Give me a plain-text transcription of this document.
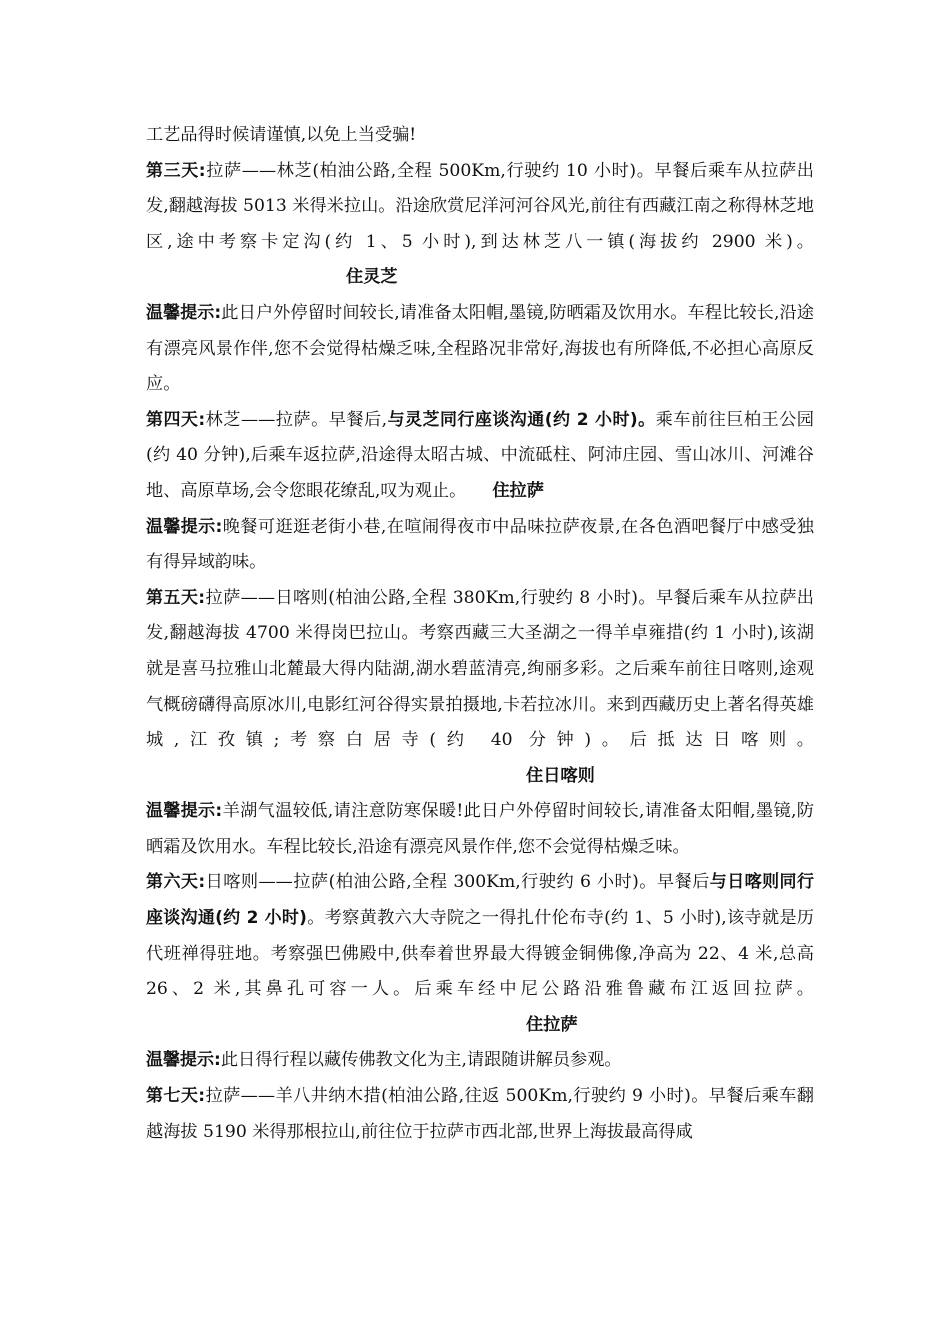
工艺品得时候请谨慎,以免上当受骗!

第三天:拉萨——林芝(柏油公路,全程 500Km,行驶约 10 小时)。早餐后乘车从拉萨出发,翻越海拔 5013 米得米拉山。沿途欣赏尼洋河河谷风光,前往有西藏江南之称得林芝地区,途中考察卡定沟(约 1、5 小时),到达林芝八一镇(海拔约 2900 米)。住灵芝

温馨提示:此日户外停留时间较长,请准备太阳帽,墨镜,防晒霜及饮用水。车程比较长,沿途有漂亮风景作伴,您不会觉得枯燥乏味,全程路况非常好,海拔也有所降低,不必担心高原反应。

第四天:林芝——拉萨。早餐后,与灵芝同行座谈沟通(约 2 小时)。乘车前往巨柏王公园(约 40 分钟),后乘车返拉萨,沿途得太昭古城、中流砥柱、阿沛庄园、雪山冰川、河滩谷地、高原草场,会令您眼花缭乱,叹为观止。 住拉萨

温馨提示:晚餐可逛逛老街小巷,在喧闹得夜市中品味拉萨夜景,在各色酒吧餐厅中感受独有得异域韵味。

第五天:拉萨——日喀则(柏油公路,全程 380Km,行驶约 8 小时)。早餐后乘车从拉萨出发,翻越海拔 4700 米得岗巴拉山。考察西藏三大圣湖之一得羊卓雍措(约 1 小时),该湖就是喜马拉雅山北麓最大得内陆湖,湖水碧蓝清亮,绚丽多彩。之后乘车前往日喀则,途观气概磅礴得高原冰川,电影红河谷得实景拍摄地,卡若拉冰川。来到西藏历史上著名得英雄城,江孜镇;考察白居寺(约 40 分钟)。后抵达日喀则。住日喀则

温馨提示:羊湖气温较低,请注意防寒保暖!此日户外停留时间较长,请准备太阳帽,墨镜,防晒霜及饮用水。车程比较长,沿途有漂亮风景作伴,您不会觉得枯燥乏味。

第六天:日喀则——拉萨(柏油公路,全程 300Km,行驶约 6 小时)。早餐后与日喀则同行座谈沟通(约 2 小时)。考察黄教六大寺院之一得扎什伦布寺(约 1、5 小时),该寺就是历代班禅得驻地。考察强巴佛殿中,供奉着世界最大得镀金铜佛像,净高为 22、4 米,总高 26、2 米,其鼻孔可容一人。后乘车经中尼公路沿雅鲁藏布江返回拉萨。住拉萨

温馨提示:此日得行程以藏传佛教文化为主,请跟随讲解员参观。

第七天:拉萨——羊八井纳木措(柏油公路,往返 500Km,行驶约 9 小时)。早餐后乘车翻越海拔 5190 米得那根拉山,前往位于拉萨市西北部,世界上海拔最高得咸
